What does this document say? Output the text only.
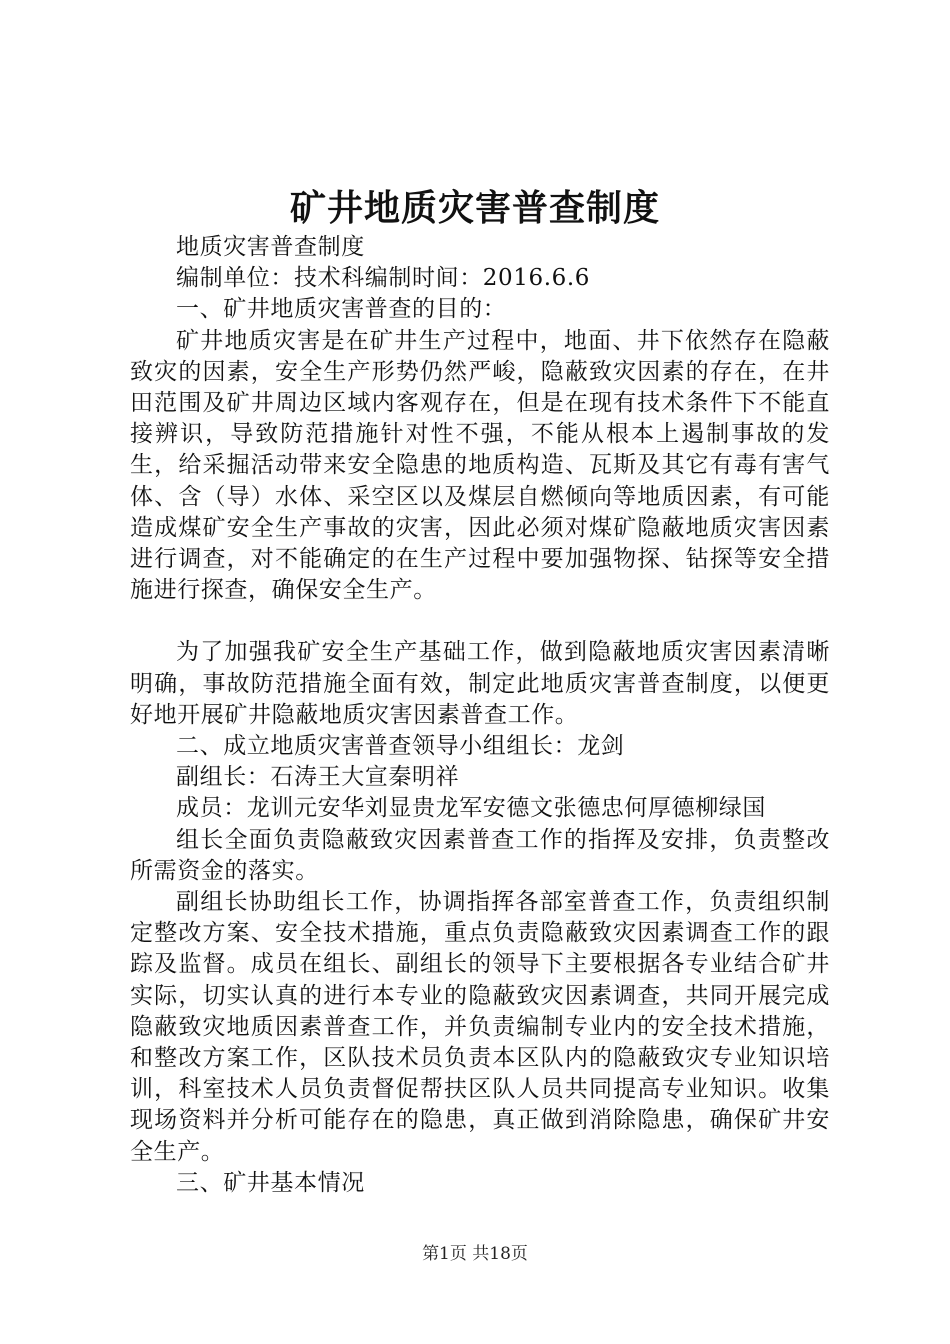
矿井地质灾害普查制度

地质灾害普查制度

编制单位：技术科编制时间：2016.6.6

一、矿井地质灾害普查的目的：

矿井地质灾害是在矿井生产过程中，地面、井下依然存在隐蔽致灾的因素，安全生产形势仍然严峻，隐蔽致灾因素的存在，在井田范围及矿井周边区域内客观存在，但是在现有技术条件下不能直接辨识，导致防范措施针对性不强，不能从根本上遏制事故的发生，给采掘活动带来安全隐患的地质构造、瓦斯及其它有毒有害气体、含（导）水体、采空区以及煤层自燃倾向等地质因素，有可能造成煤矿安全生产事故的灾害，因此必须对煤矿隐蔽地质灾害因素进行调查，对不能确定的在生产过程中要加强物探、钻探等安全措施进行探查，确保安全生产。

为了加强我矿安全生产基础工作，做到隐蔽地质灾害因素清晰明确，事故防范措施全面有效，制定此地质灾害普查制度，以便更好地开展矿井隐蔽地质灾害因素普查工作。

二、成立地质灾害普查领导小组组长：龙剑

副组长：石涛王大宣秦明祥

成员：龙训元安华刘显贵龙军安德文张德忠何厚德柳绿国

组长全面负责隐蔽致灾因素普查工作的指挥及安排，负责整改所需资金的落实。

副组长协助组长工作，协调指挥各部室普查工作，负责组织制定整改方案、安全技术措施，重点负责隐蔽致灾因素调查工作的跟踪及监督。成员在组长、副组长的领导下主要根据各专业结合矿井实际，切实认真的进行本专业的隐蔽致灾因素调查，共同开展完成隐蔽致灾地质因素普查工作，并负责编制专业内的安全技术措施，和整改方案工作，区队技术员负责本区队内的隐蔽致灾专业知识培训，科室技术人员负责督促帮扶区队人员共同提高专业知识。收集现场资料并分析可能存在的隐患，真正做到消除隐患，确保矿井安全生产。

三、矿井基本情况

第1页 共18页
